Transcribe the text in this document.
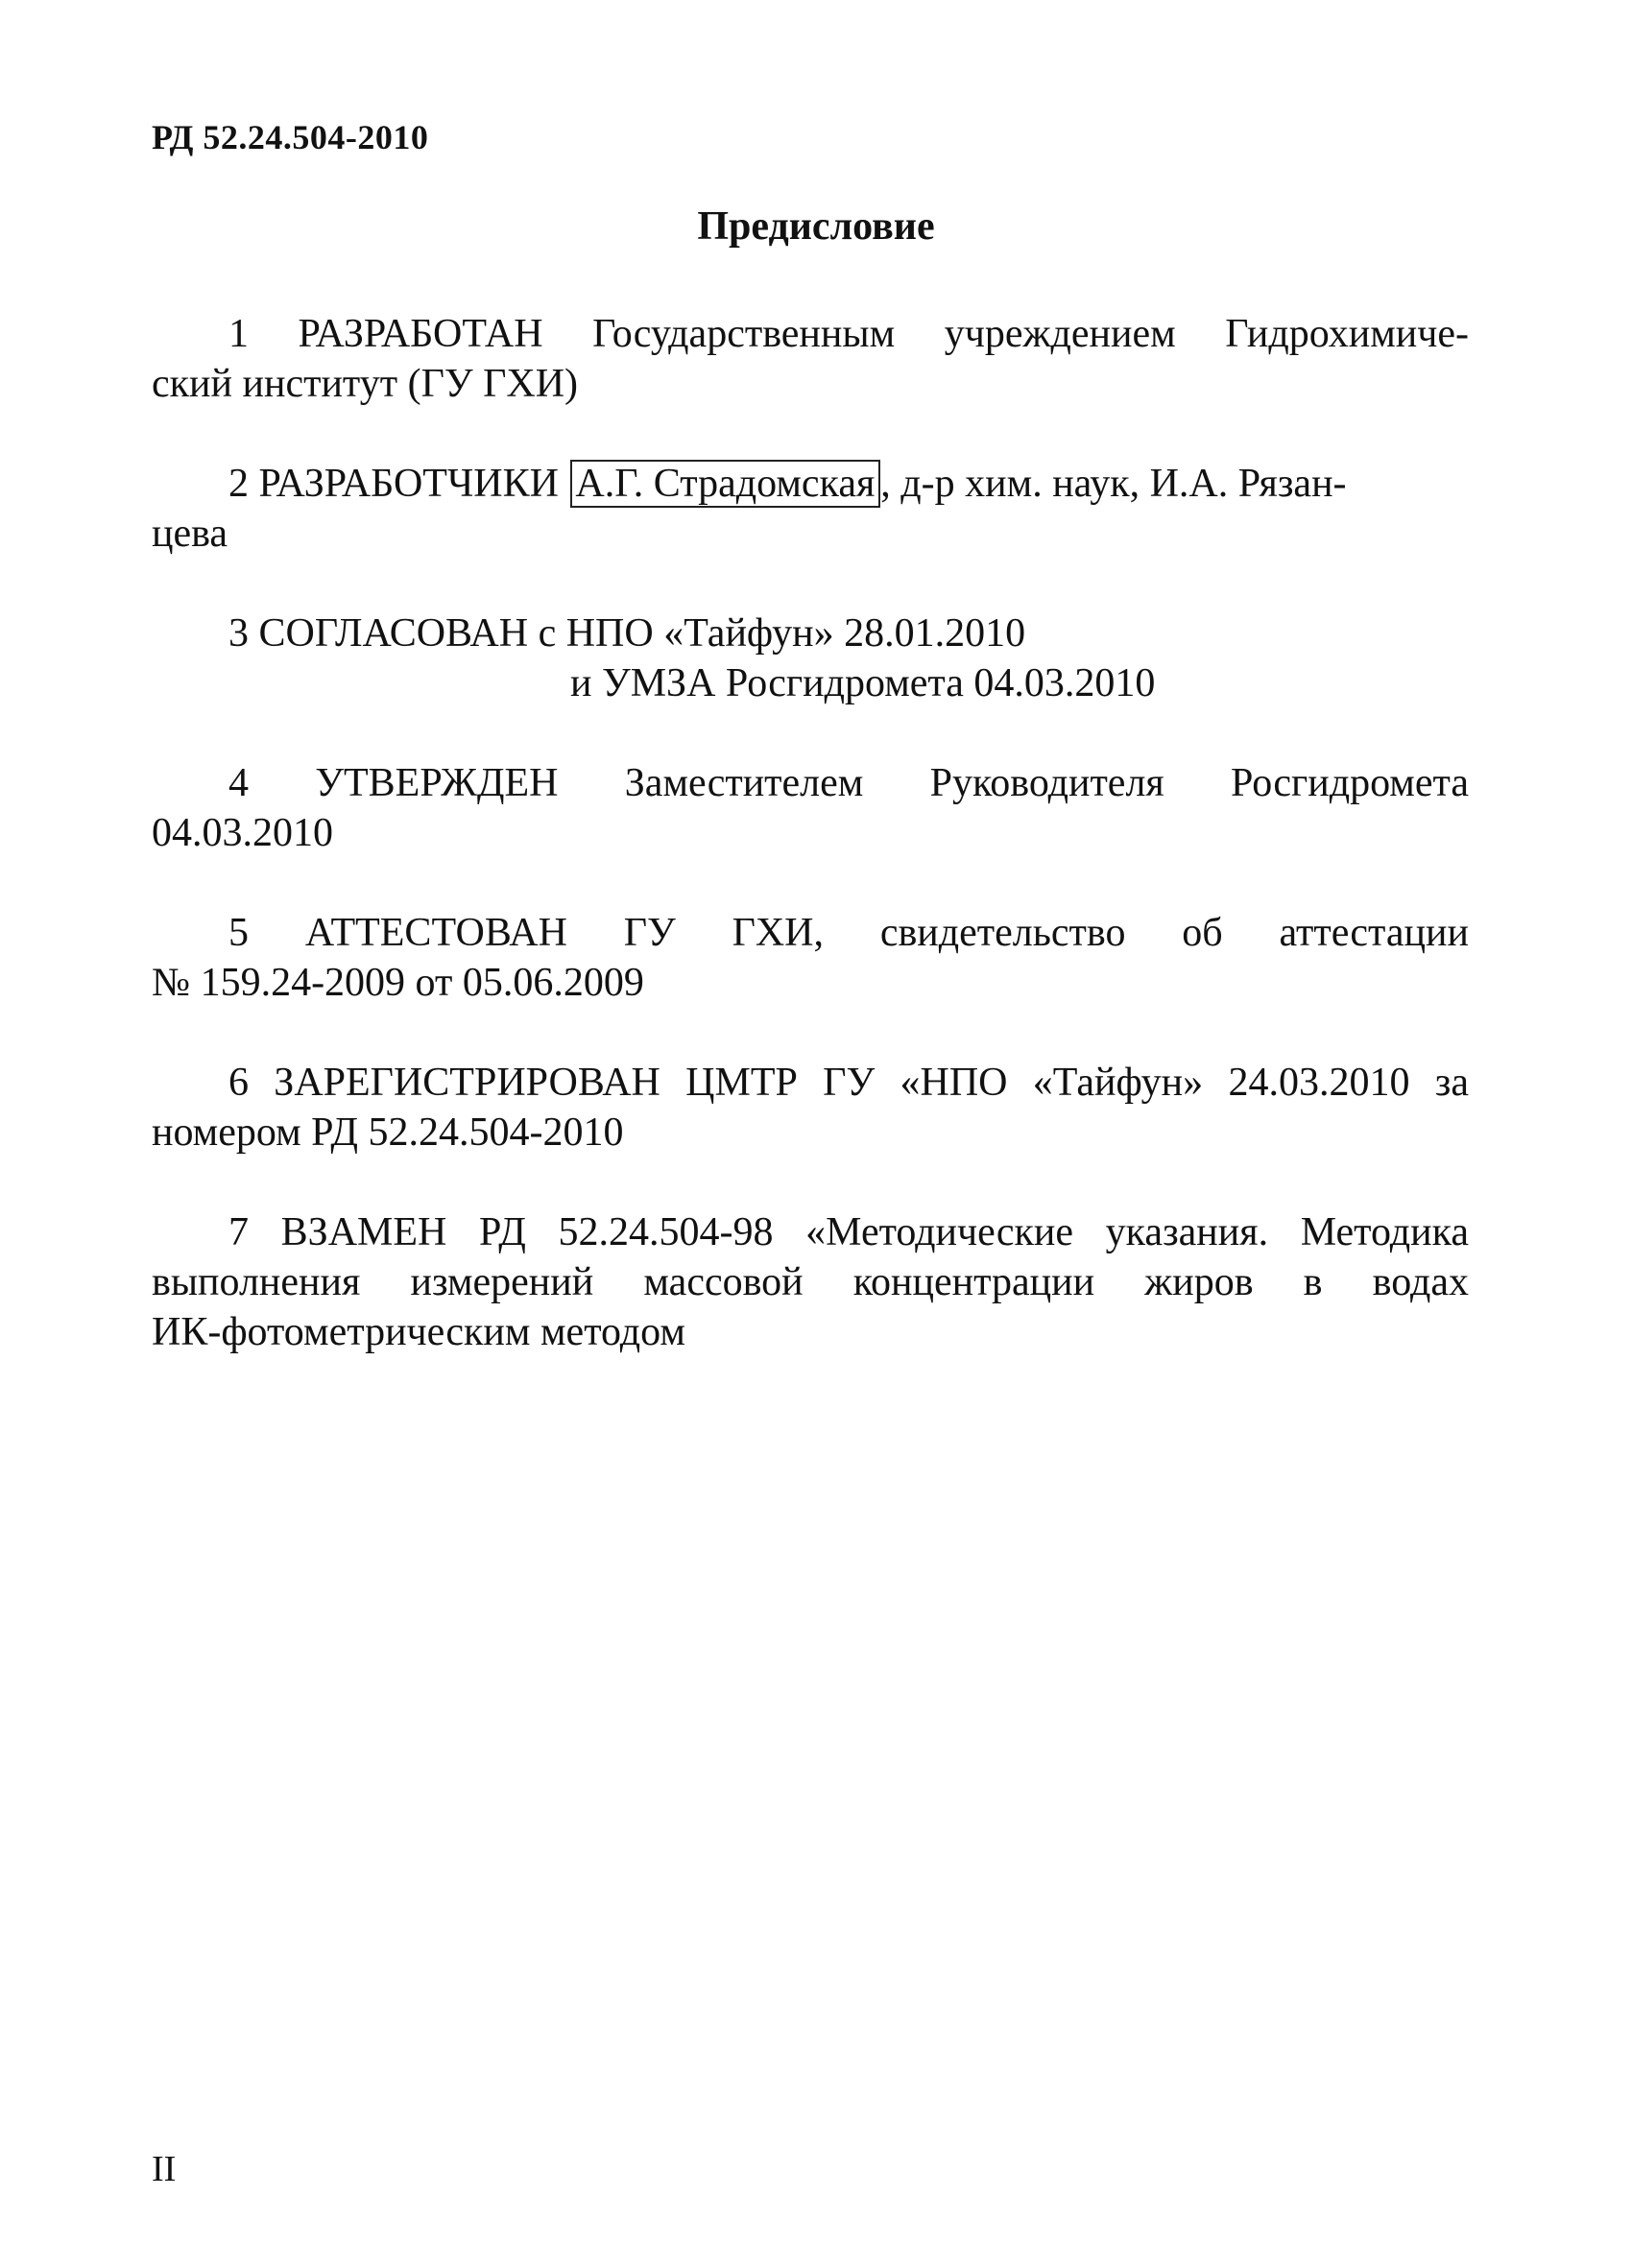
РД 52.24.504-2010
Предисловие
1 РАЗРАБОТАН Государственным учреждением Гидрохимиче-
ский институт (ГУ ГХИ)
2 РАЗРАБОТЧИКИ А.Г. Страдомская , д-р хим. наук, И.А. Рязан-
цева
3 СОГЛАСОВАН с НПО «Тайфун» 28.01.2010
и УМЗА Росгидромета 04.03.2010
4 УТВЕРЖДЕН Заместителем Руководителя Росгидромета
04.03.2010
5 АТТЕСТОВАН ГУ ГХИ, свидетельство об аттестации
№ 159.24-2009 от 05.06.2009
6 ЗАРЕГИСТРИРОВАН ЦМТР ГУ «НПО «Тайфун» 24.03.2010 за
номером РД 52.24.504-2010
7 ВЗАМЕН РД 52.24.504-98 «Методические указания. Методика
выполнения измерений массовой концентрации жиров в водах
ИК-фотометрическим методом
II
